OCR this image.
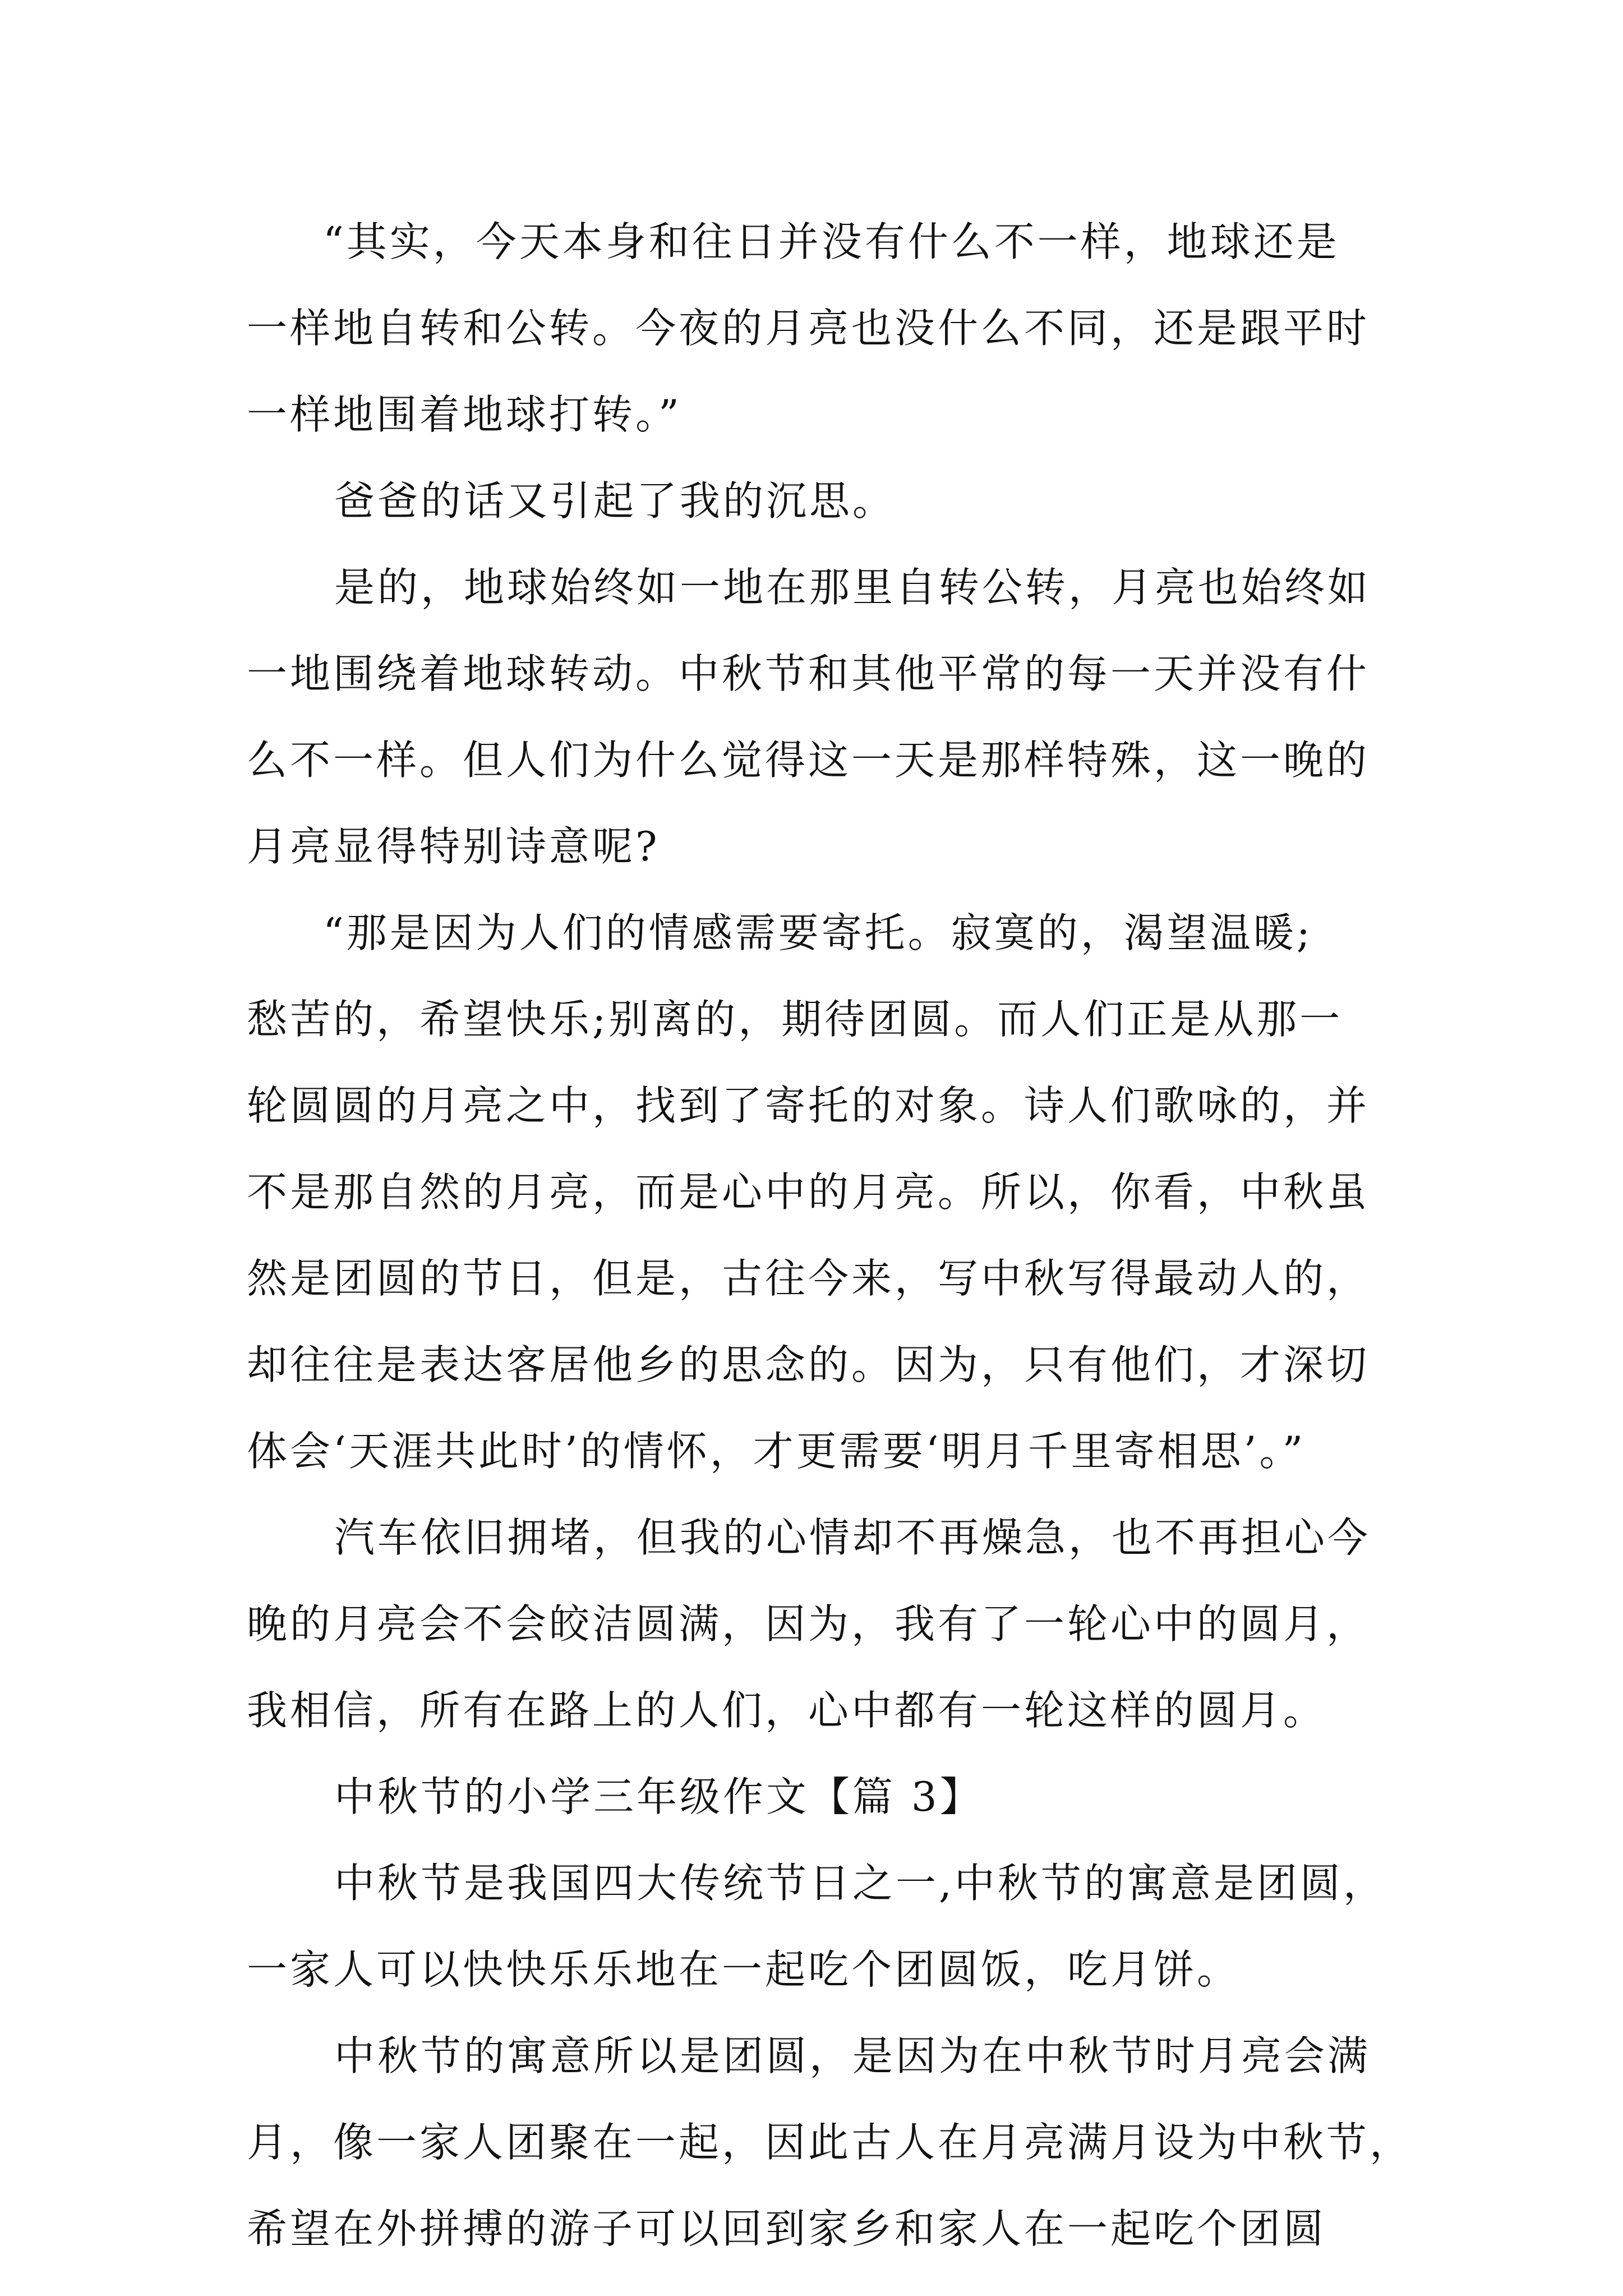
“其实，今天本身和往日并没有什么不一样，地球还是
一样地自转和公转。今夜的月亮也没什么不同，还是跟平时
一样地围着地球打转。”
爸爸的话又引起了我的沉思。
是的，地球始终如一地在那里自转公转，月亮也始终如
一地围绕着地球转动。中秋节和其他平常的每一天并没有什
么不一样。但人们为什么觉得这一天是那样特殊，这一晚的
月亮显得特别诗意呢?
“那是因为人们的情感需要寄托。寂寞的，渴望温暖;
愁苦的，希望快乐;别离的，期待团圆。而人们正是从那一
轮圆圆的月亮之中，找到了寄托的对象。诗人们歌咏的，并
不是那自然的月亮，而是心中的月亮。所以，你看，中秋虽
然是团圆的节日，但是，古往今来，写中秋写得最动人的，
却往往是表达客居他乡的思念的。因为，只有他们，才深切
体会‘天涯共此时’的情怀，才更需要‘明月千里寄相思’。”
汽车依旧拥堵，但我的心情却不再燥急，也不再担心今
晚的月亮会不会皎洁圆满，因为，我有了一轮心中的圆月，
我相信，所有在路上的人们，心中都有一轮这样的圆月。
中秋节的小学三年级作文【篇 3】
中秋节是我国四大传统节日之一,中秋节的寓意是团圆，
一家人可以快快乐乐地在一起吃个团圆饭，吃月饼。
中秋节的寓意所以是团圆，是因为在中秋节时月亮会满
月，像一家人团聚在一起，因此古人在月亮满月设为中秋节，
希望在外拼搏的游子可以回到家乡和家人在一起吃个团圆
